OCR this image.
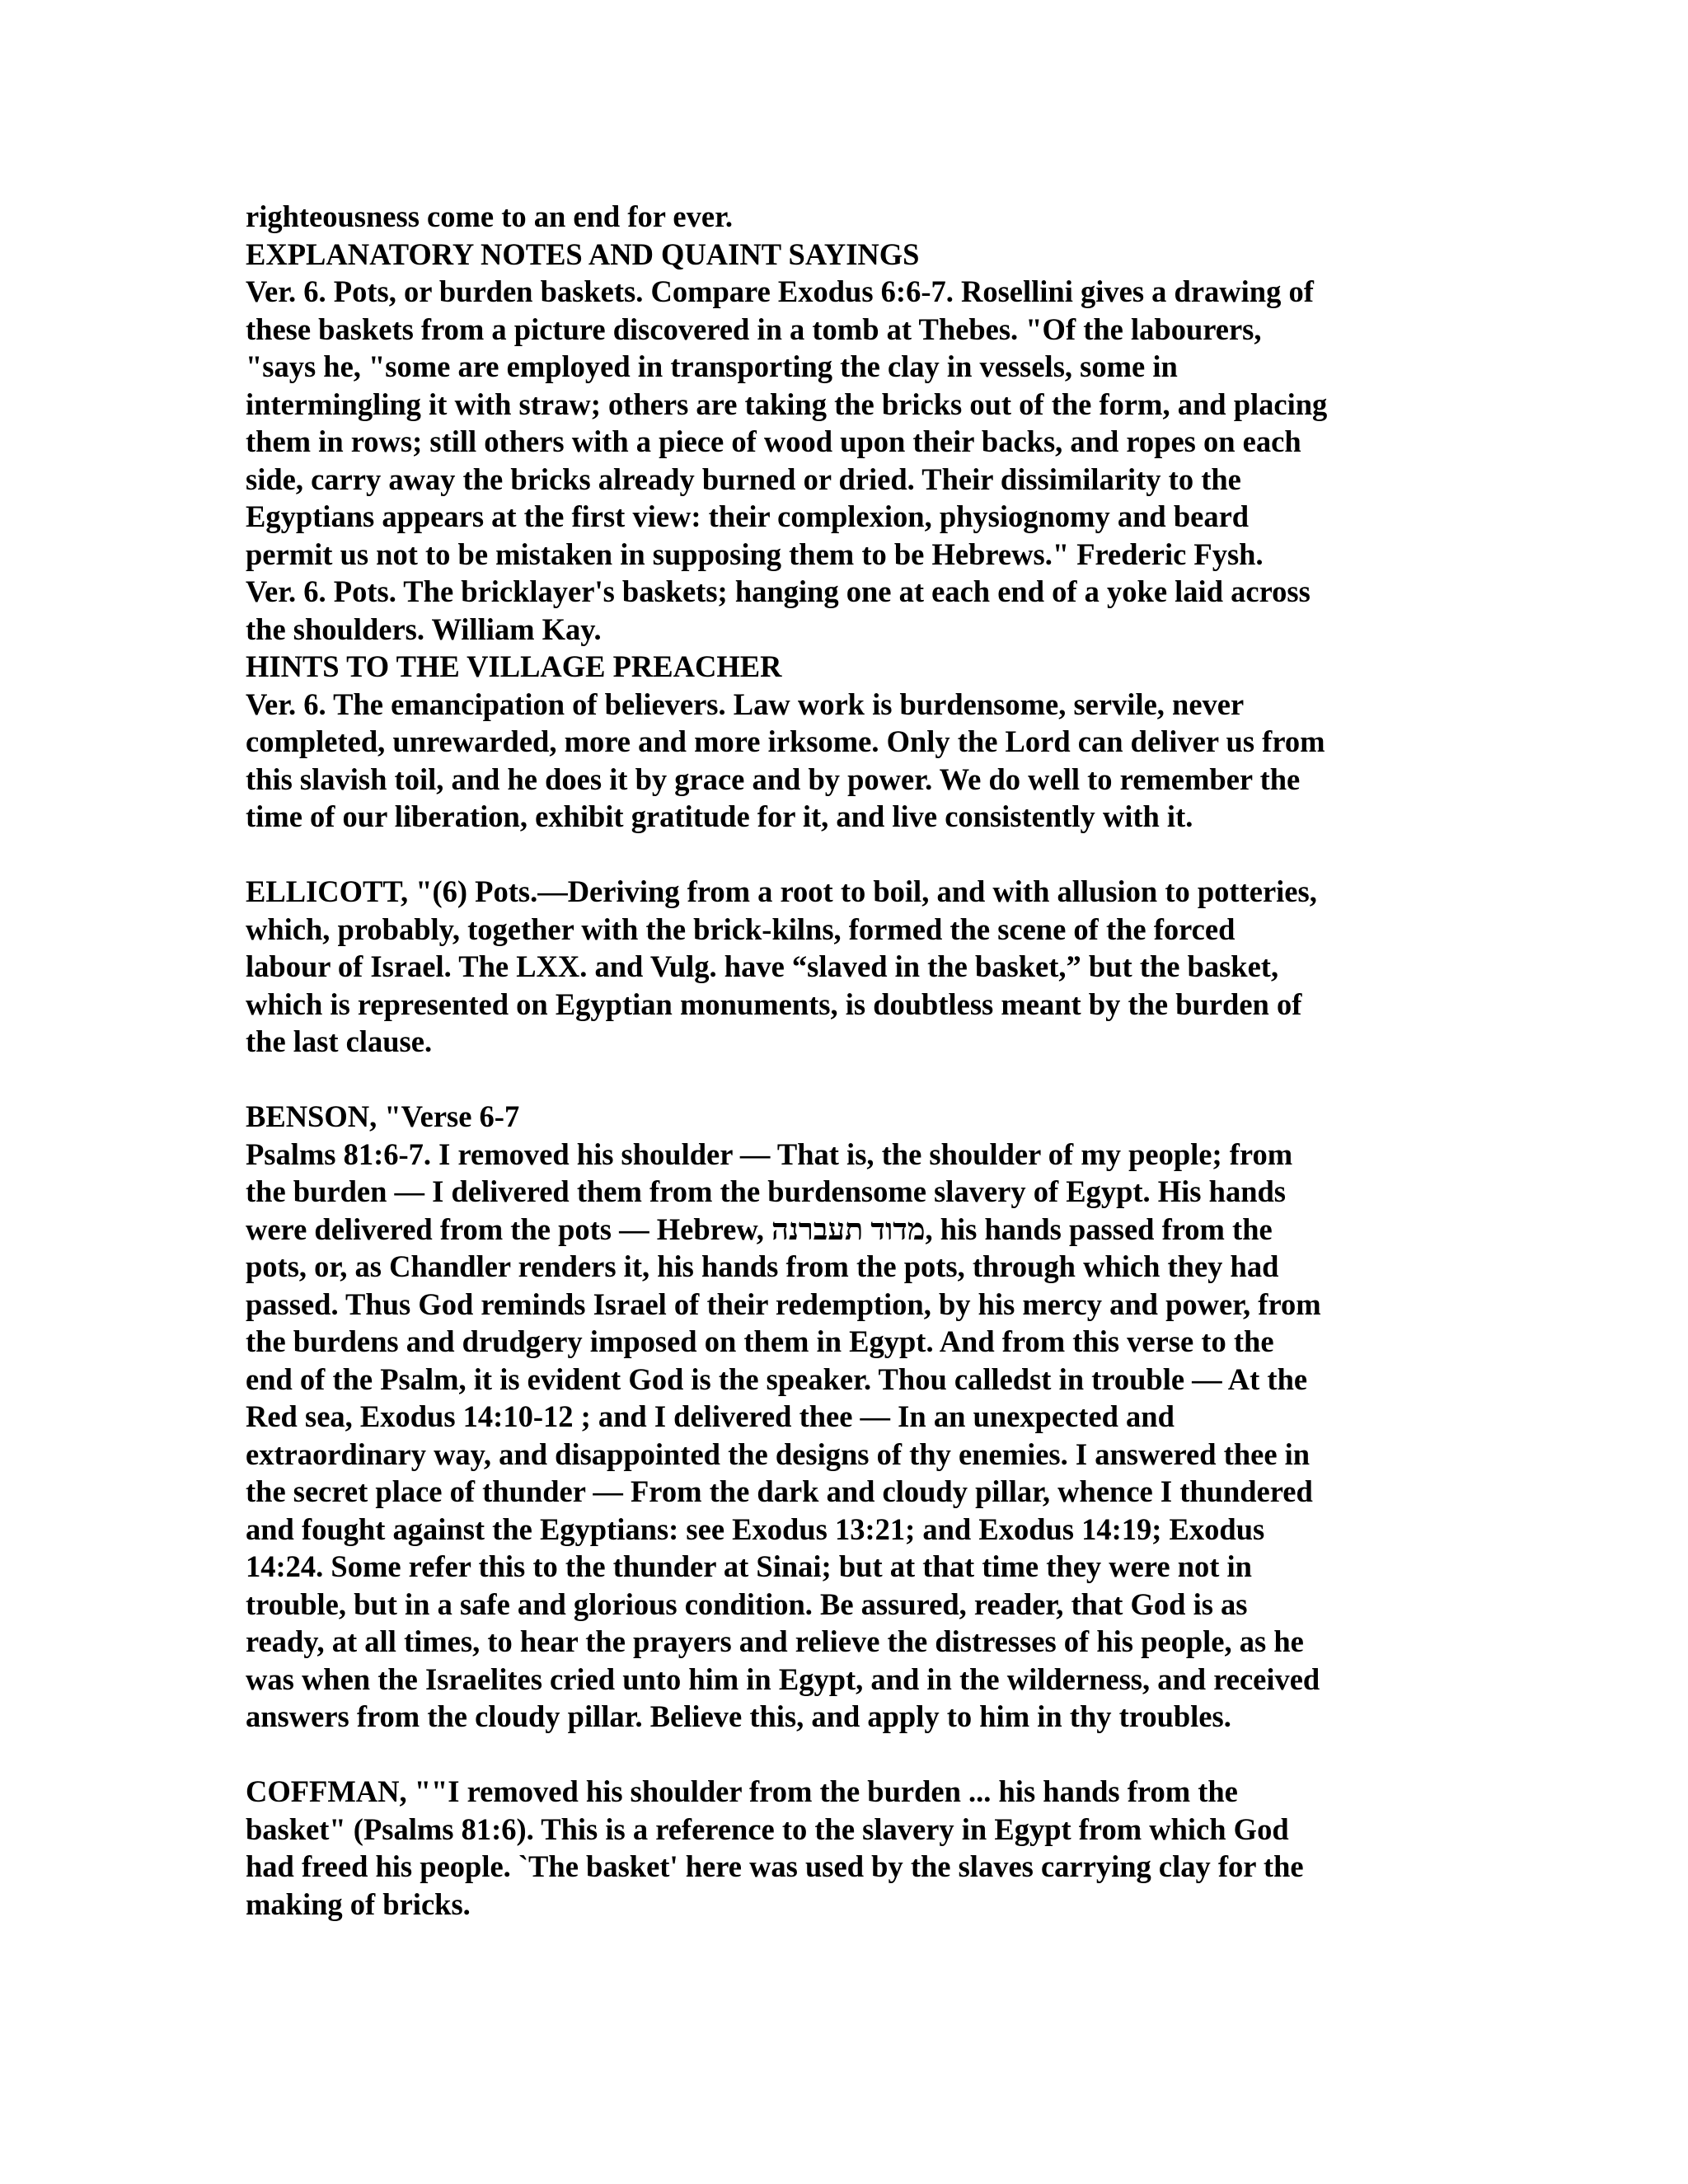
righteousness come to an end for ever.
EXPLANATORY NOTES AND QUAINT SAYINGS
Ver. 6. Pots, or burden baskets. Compare Exodus 6:6-7. Rosellini gives a drawing of
these baskets from a picture discovered in a tomb at Thebes. "Of the labourers,
"says he, "some are employed in transporting the clay in vessels, some in
intermingling it with straw; others are taking the bricks out of the form, and placing
them in rows; still others with a piece of wood upon their backs, and ropes on each
side, carry away the bricks already burned or dried. Their dissimilarity to the
Egyptians appears at the first view: their complexion, physiognomy and beard
permit us not to be mistaken in supposing them to be Hebrews." Frederic Fysh.
Ver. 6. Pots. The bricklayer's baskets; hanging one at each end of a yoke laid across
the shoulders. William Kay.
HINTS TO THE VILLAGE PREACHER
Ver. 6. The emancipation of believers. Law work is burdensome, servile, never
completed, unrewarded, more and more irksome. Only the Lord can deliver us from
this slavish toil, and he does it by grace and by power. We do well to remember the
time of our liberation, exhibit gratitude for it, and live consistently with it.
ELLICOTT, "(6) Pots.—Deriving from a root to boil, and with allusion to potteries,
which, probably, together with the brick-kilns, formed the scene of the forced
labour of Israel. The LXX. and Vulg. have “slaved in the basket,” but the basket,
which is represented on Egyptian monuments, is doubtless meant by the burden of
the last clause.
BENSON, "Verse 6-7
Psalms 81:6-7. I removed his shoulder — That is, the shoulder of my people; from
the burden — I delivered them from the burdensome slavery of Egypt. His hands
were delivered from the pots — Hebrew, מדוד תעברנה, his hands passed from the
pots, or, as Chandler renders it, his hands from the pots, through which they had
passed. Thus God reminds Israel of their redemption, by his mercy and power, from
the burdens and drudgery imposed on them in Egypt. And from this verse to the
end of the Psalm, it is evident God is the speaker. Thou calledst in trouble — At the
Red sea, Exodus 14:10-12 ; and I delivered thee — In an unexpected and
extraordinary way, and disappointed the designs of thy enemies. I answered thee in
the secret place of thunder — From the dark and cloudy pillar, whence I thundered
and fought against the Egyptians: see Exodus 13:21; and Exodus 14:19; Exodus
14:24. Some refer this to the thunder at Sinai; but at that time they were not in
trouble, but in a safe and glorious condition. Be assured, reader, that God is as
ready, at all times, to hear the prayers and relieve the distresses of his people, as he
was when the Israelites cried unto him in Egypt, and in the wilderness, and received
answers from the cloudy pillar. Believe this, and apply to him in thy troubles.
COFFMAN, ""I removed his shoulder from the burden ... his hands from the
basket" (Psalms 81:6). This is a reference to the slavery in Egypt from which God
had freed his people. `The basket' here was used by the slaves carrying clay for the
making of bricks.
